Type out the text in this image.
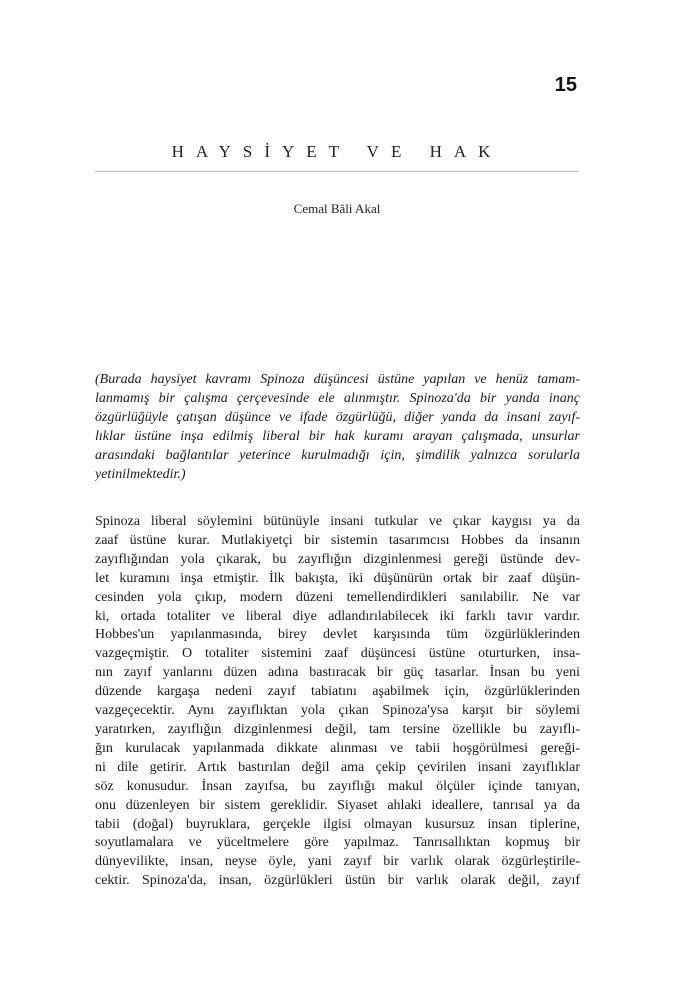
15
HAYSİYET VE HAK
Cemal Bâli Akal
(Burada haysiyet kavramı Spinoza düşüncesi üstüne yapılan ve henüz tamam-
lanmamış bir çalışma çerçevesinde ele alınmıştır. Spinoza'da bir yanda inanç
özgürlüğüyle çatışan düşünce ve ifade özgürlüğü, diğer yanda da insani zayıf-
lıklar üstüne inşa edilmiş liberal bir hak kuramı arayan çalışmada, unsurlar
arasındaki bağlantılar yeterince kurulmadığı için, şimdilik yalnızca sorularla
yetinilmektedir.)
Spinoza liberal söylemini bütünüyle insani tutkular ve çıkar kaygısı ya da
zaaf üstüne kurar. Mutlakiyetçi bir sistemin tasarımcısı Hobbes da insanın
zayıflığından yola çıkarak, bu zayıflığın dizginlenmesi gereği üstünde dev-
let kuramını inşa etmiştir. İlk bakışta, iki düşünürün ortak bir zaaf düşün-
cesinden yola çıkıp, modern düzeni temellendirdikleri sanılabilir. Ne var
ki, ortada totaliter ve liberal diye adlandırılabilecek iki farklı tavır vardır.
Hobbes'un yapılanmasında, birey devlet karşısında tüm özgürlüklerinden
vazgeçmiştir. O totaliter sistemini zaaf düşüncesi üstüne oturturken, insa-
nın zayıf yanlarını düzen adına bastıracak bir güç tasarlar. İnsan bu yeni
düzende kargaşa nedeni zayıf tabiatını aşabilmek için, özgürlüklerinden
vazgeçecektir. Aynı zayıflıktan yola çıkan Spinoza'ysa karşıt bir söylemi
yaratırken, zayıflığın dizginlenmesi değil, tam tersine özellikle bu zayıflı-
ğın kurulacak yapılanmada dikkate alınması ve tabii hoşgörülmesi gereği-
ni dile getirir. Artık bastırılan değil ama çekip çevirilen insani zayıflıklar
söz konusudur. İnsan zayıfsa, bu zayıflığı makul ölçüler içinde tanıyan,
onu düzenleyen bir sistem gereklidir. Siyaset ahlaki ideallere, tanrısal ya da
tabii (doğal) buyruklara, gerçekle ilgisi olmayan kusursuz insan tiplerine,
soyutlamalara ve yüceltmelere göre yapılmaz. Tanrısallıktan kopmuş bir
dünyevilikte, insan, neyse öyle, yani zayıf bir varlık olarak özgürleştirile-
cektir. Spinoza'da, insan, özgürlükleri üstün bir varlık olarak değil, zayıf
